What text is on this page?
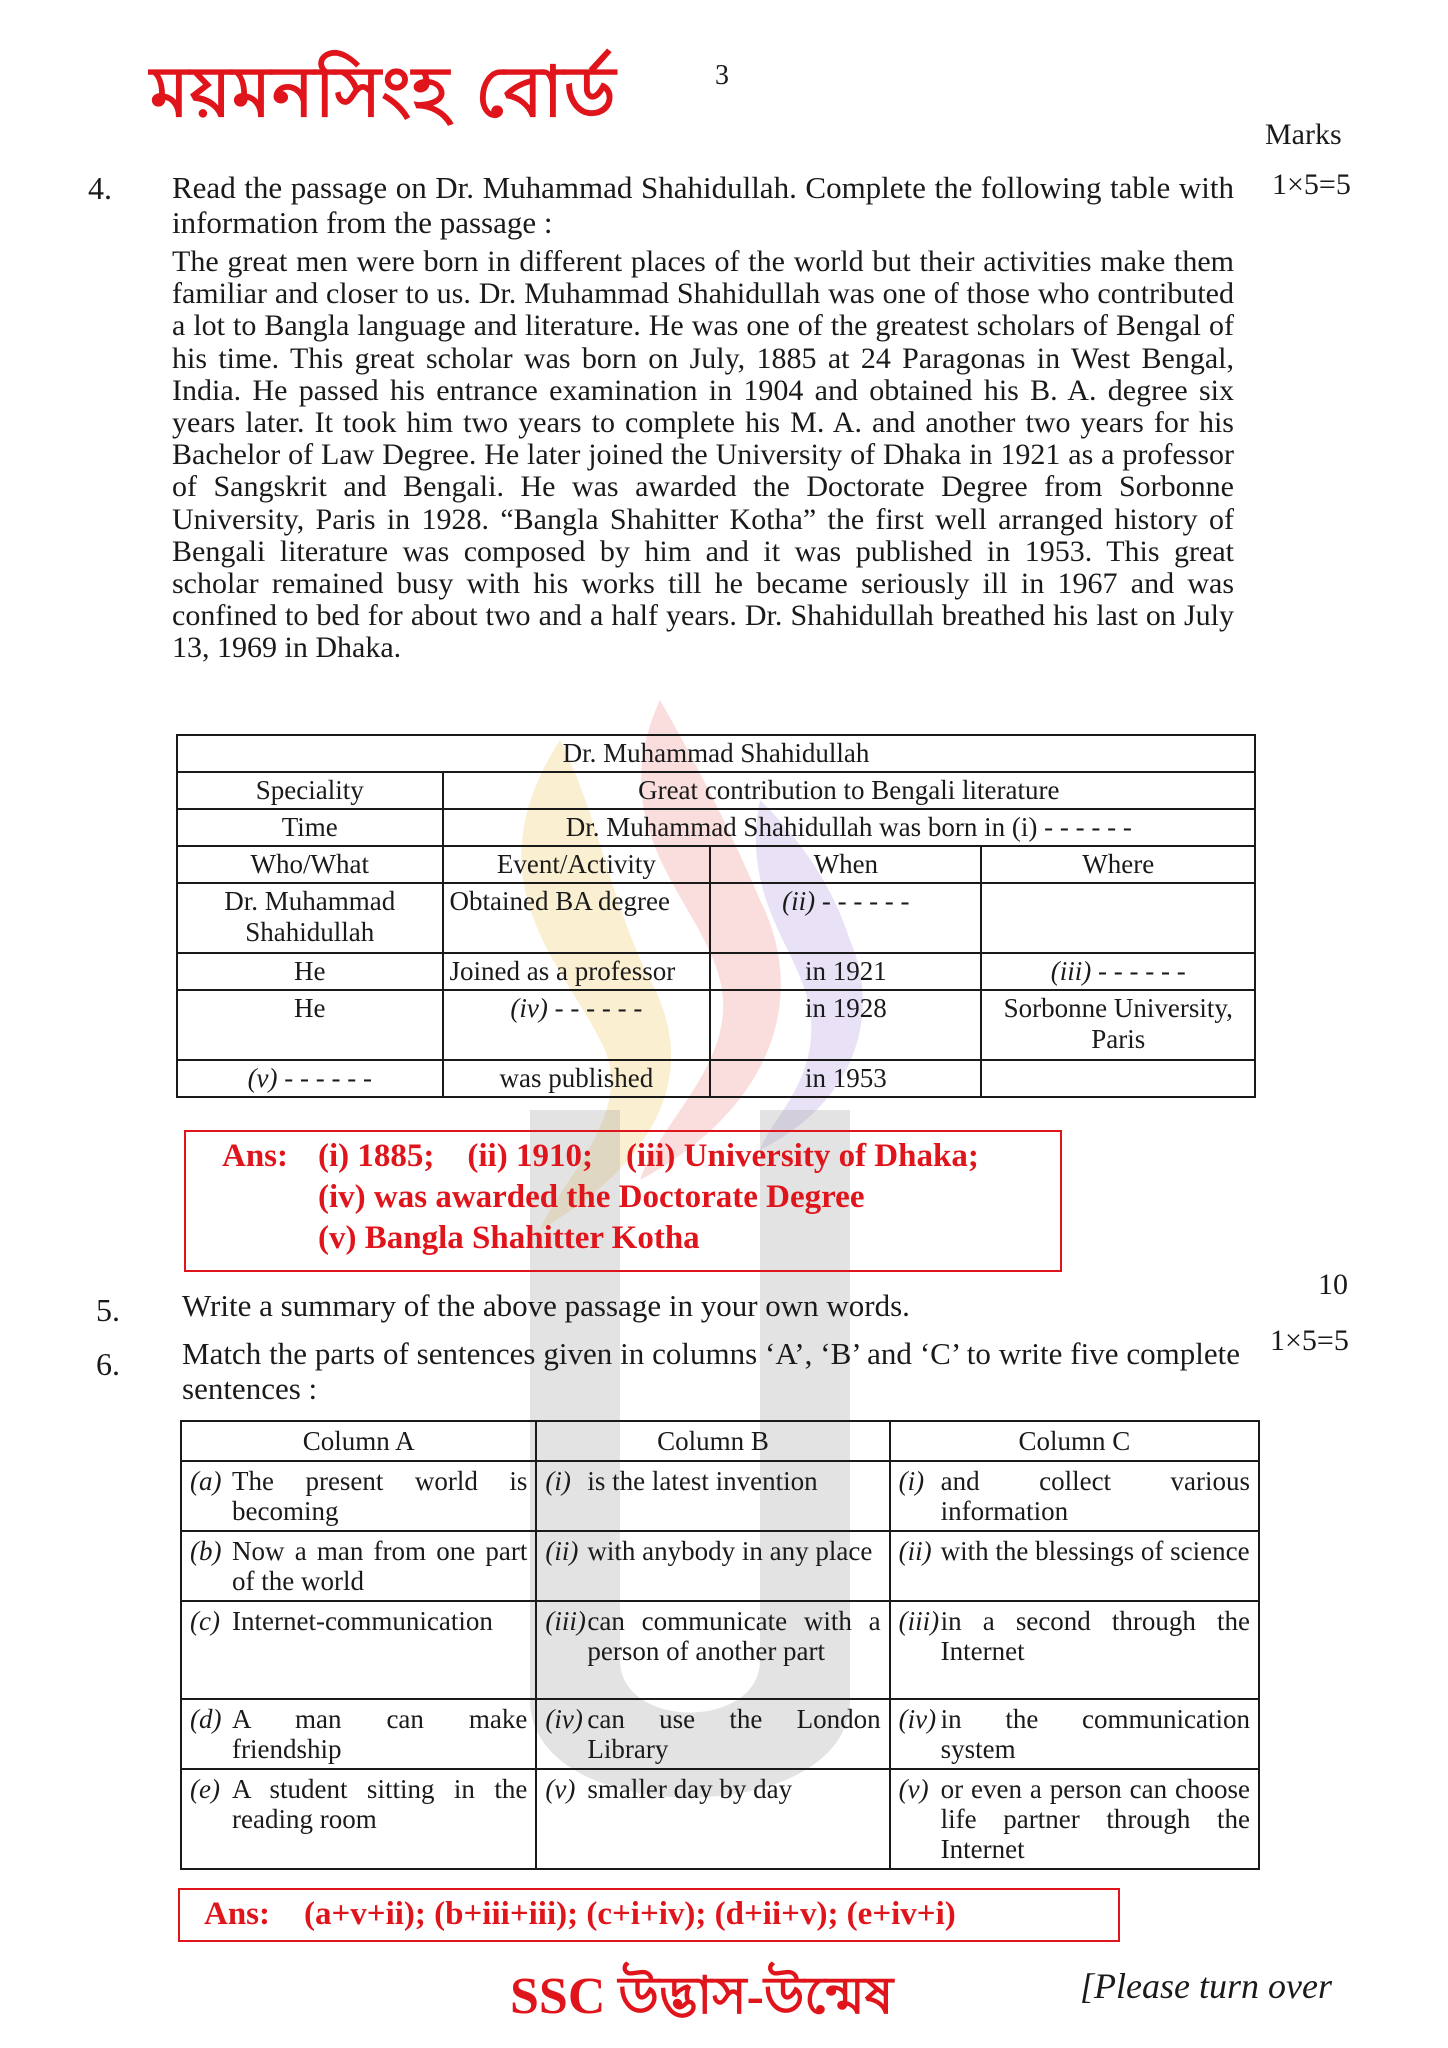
ময়মনসিংহ বোর্ড	3
Marks
4.	1×5=5
Read the passage on Dr. Muhammad Shahidullah. Complete the following table with information from the passage :
The great men were born in different places of the world but their activities make them familiar and closer to us. Dr. Muhammad Shahidullah was one of those who contributed a lot to Bangla language and literature. He was one of the greatest scholars of Bengal of his time. This great scholar was born on July, 1885 at 24 Paragonas in West Bengal, India. He passed his entrance examination in 1904 and obtained his B. A. degree six years later. It took him two years to complete his M. A. and another two years for his Bachelor of Law Degree. He later joined the University of Dhaka in 1921 as a professor of Sangskrit and Bengali. He was awarded the Doctorate Degree from Sorbonne University, Paris in 1928. “Bangla Shahitter Kotha” the first well arranged history of Bengali literature was composed by him and it was published in 1953. This great scholar remained busy with his works till he became seriously ill in 1967 and was confined to bed for about two and a half years. Dr. Shahidullah breathed his last on July 13, 1969 in Dhaka.
Dr. Muhammad Shahidullah			
Speciality	Great contribution to Bengali literature		
Time	Dr. Muhammad Shahidullah was born in (i) - - - - - -		
Who/What	Event/Activity	When	Where
Dr. Muhammad Shahidullah	Obtained BA degree	(ii) - - - - - -	
He	Joined as a professor	in 1921	(iii) - - - - - -
He	(iv) - - - - - -	in 1928	Sorbonne University, Paris
(v) - - - - - -	was published	in 1953	
Ans: (i) 1885;    (ii) 1910;    (iii) University of Dhaka;
(iv) was awarded the Doctorate Degree
(v) Bangla Shahitter Kotha
5. Write a summary of the above passage in your own words.
10
6.
1×5=5
Match the parts of sentences given in columns ‘A’, ‘B’ and ‘C’ to write five complete sentences :
Column A	Column B	Column C

(a) The present world is becoming	(i) is the latest invention	(i) and collect various information

(b) Now a man from one part of the world	(ii) with anybody in any place	(ii) with the blessings of science

(c) Internet-communication	(iii) can communicate with a person of another part	(iii) in a second through the Internet

(d) A man can make friendship	(iv) can use the London Library	(iv) in the communication system

(e) A student sitting in the reading room	(v) smaller day by day	(v) or even a person can choose life partner through the Internet
Ans: (a+v+ii); (b+iii+iii); (c+i+iv); (d+ii+v); (e+iv+i)
SSC উদ্ভাস-উন্মেষ	[Please turn over
